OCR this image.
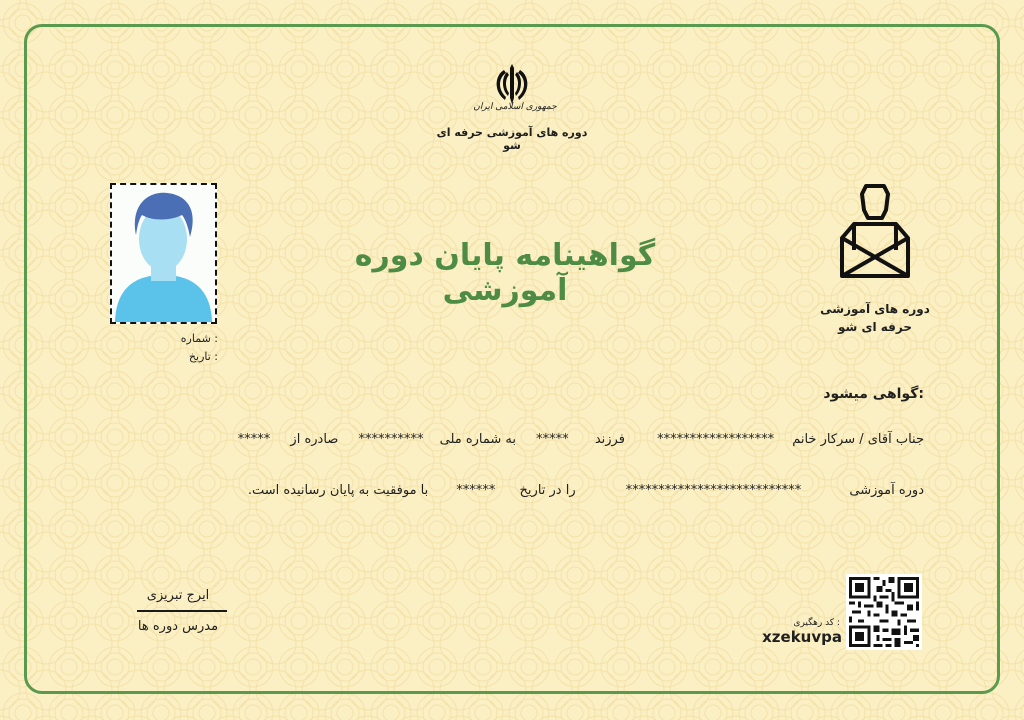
جمهوری اسلامی ایران
دوره های آموزشی حرفه ای شو
گواهینامه پایان دوره آموزشی
شماره :
تاریخ :
دوره های آموزشی
حرفه ای شو
گواهی میشود:
جناب آقای / سرکار خانم ****************** فرزند ***** به شماره ملی ********** صادره از *****
دوره آموزشی *************************** را در تاریخ ****** با موفقیت به پایان رسانیده است.
ایرج تبریزی
مدرس دوره ها	کد رهگیری :
xzekuvpa
